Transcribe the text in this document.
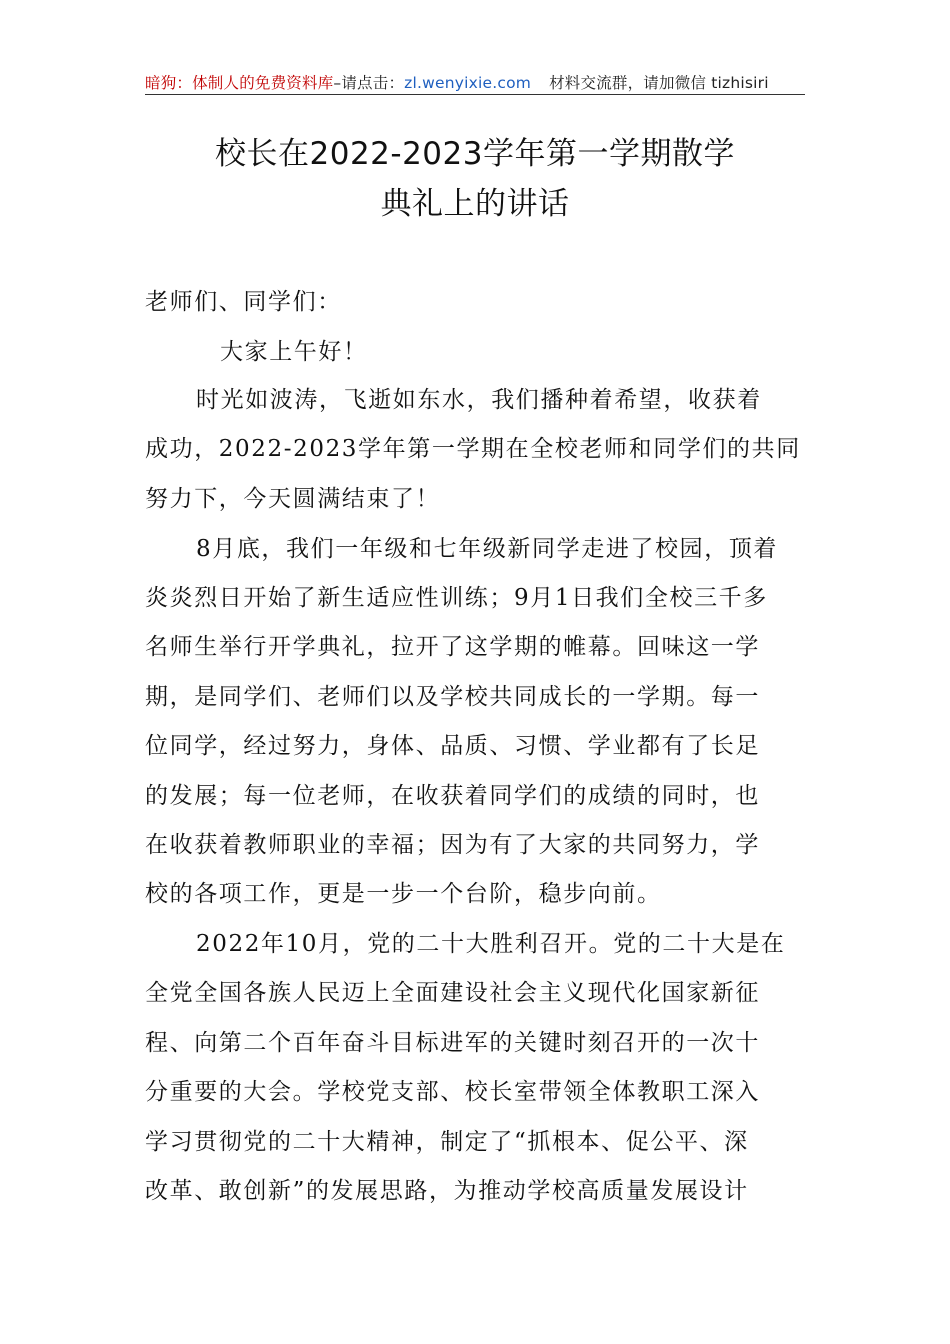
暗狗：体制人的免费资料库–请点击：zl.wenyixie.com 材料交流群，请加微信 tizhisiri
校长在2022-2023学年第一学期散学
典礼上的讲话
老师们、同学们：
大家上午好！
时光如波涛，飞逝如东水，我们播种着希望，收获着
成功，2022-2023学年第一学期在全校老师和同学们的共同
努力下，今天圆满结束了！
8月底，我们一年级和七年级新同学走进了校园，顶着
炎炎烈日开始了新生适应性训练；9月1日我们全校三千多
名师生举行开学典礼，拉开了这学期的帷幕。回味这一学
期，是同学们、老师们以及学校共同成长的一学期。每一
位同学，经过努力，身体、品质、习惯、学业都有了长足
的发展；每一位老师，在收获着同学们的成绩的同时，也
在收获着教师职业的幸福；因为有了大家的共同努力，学
校的各项工作，更是一步一个台阶，稳步向前。
2022年10月，党的二十大胜利召开。党的二十大是在
全党全国各族人民迈上全面建设社会主义现代化国家新征
程、向第二个百年奋斗目标进军的关键时刻召开的一次十
分重要的大会。学校党支部、校长室带领全体教职工深入
学习贯彻党的二十大精神，制定了“抓根本、促公平、深
改革、敢创新”的发展思路，为推动学校高质量发展设计
